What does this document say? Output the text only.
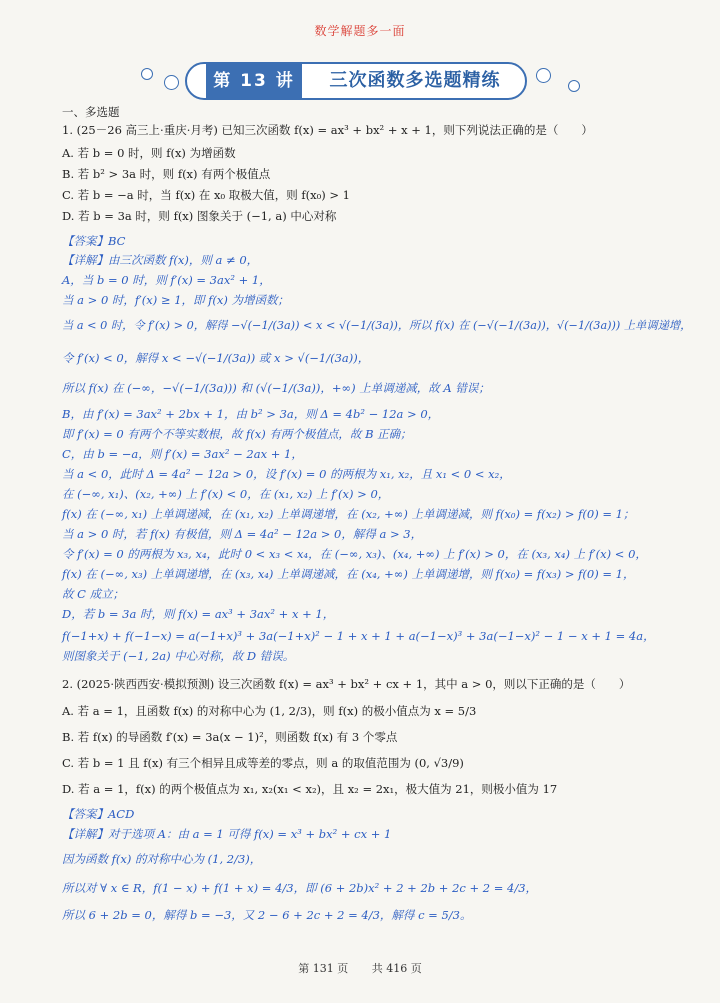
数学解题多一面
第 13 讲	三次函数多选题精练
一、多选题
1. (25－26 高三上·重庆·月考) 已知三次函数 f(x) = ax³ + bx² + x + 1，则下列说法正确的是（　　）
A. 若 b = 0 时，则 f(x) 为增函数
B. 若 b² > 3a 时，则 f(x) 有两个极值点
C. 若 b = −a 时，当 f(x) 在 x₀ 取极大值，则 f(x₀) > 1
D. 若 b = 3a 时，则 f(x) 图象关于 (−1, a) 中心对称
【答案】BC
【详解】由三次函数 f(x)，则 a ≠ 0，
A，当 b = 0 时，则 f′(x) = 3ax² + 1，
当 a > 0 时，f′(x) ≥ 1，即 f(x) 为增函数；
当 a < 0 时，令 f′(x) > 0，解得 −√(−1/(3a)) < x < √(−1/(3a))，所以 f(x) 在 (−√(−1/(3a))，√(−1/(3a))) 上单调递增，
令 f′(x) < 0，解得 x < −√(−1/(3a)) 或 x > √(−1/(3a))，
所以 f(x) 在 (−∞，−√(−1/(3a))) 和 (√(−1/(3a))，+∞) 上单调递减，故 A 错误；
B，由 f′(x) = 3ax² + 2bx + 1，由 b² > 3a，则 Δ = 4b² − 12a > 0，
即 f′(x) = 0 有两个不等实数根，故 f(x) 有两个极值点，故 B 正确；
C，由 b = −a，则 f′(x) = 3ax² − 2ax + 1，
当 a < 0，此时 Δ = 4a² − 12a > 0，设 f′(x) = 0 的两根为 x₁, x₂，且 x₁ < 0 < x₂，
在 (−∞, x₁)、(x₂, +∞) 上 f′(x) < 0，在 (x₁, x₂) 上 f′(x) > 0，
f(x) 在 (−∞, x₁) 上单调递减，在 (x₁, x₂) 上单调递增，在 (x₂, +∞) 上单调递减，则 f(x₀) = f(x₂) > f(0) = 1；
当 a > 0 时，若 f(x) 有极值，则 Δ = 4a² − 12a > 0，解得 a > 3，
令 f′(x) = 0 的两根为 x₃, x₄，此时 0 < x₃ < x₄，在 (−∞, x₃)、(x₄, +∞) 上 f′(x) > 0，在 (x₃, x₄) 上 f′(x) < 0，
f(x) 在 (−∞, x₃) 上单调递增，在 (x₃, x₄) 上单调递减，在 (x₄, +∞) 上单调递增，则 f(x₀) = f(x₃) > f(0) = 1，
故 C 成立；
D，若 b = 3a 时，则 f(x) = ax³ + 3ax² + x + 1，
f(−1+x) + f(−1−x) = a(−1+x)³ + 3a(−1+x)² − 1 + x + 1 + a(−1−x)³ + 3a(−1−x)² − 1 − x + 1 = 4a，
则图象关于 (−1, 2a) 中心对称，故 D 错误。
2. (2025·陕西西安·模拟预测) 设三次函数 f(x) = ax³ + bx² + cx + 1，其中 a > 0，则以下正确的是（　　）
A. 若 a = 1，且函数 f(x) 的对称中心为 (1, 2/3)，则 f(x) 的极小值点为 x = 5/3
B. 若 f(x) 的导函数 f′(x) = 3a(x − 1)²，则函数 f(x) 有 3 个零点
C. 若 b = 1 且 f(x) 有三个相异且成等差的零点，则 a 的取值范围为 (0, √3/9)
D. 若 a = 1，f(x) 的两个极值点为 x₁, x₂(x₁ < x₂)，且 x₂ = 2x₁，极大值为 21，则极小值为 17
【答案】ACD
【详解】对于选项 A：由 a = 1 可得 f(x) = x³ + bx² + cx + 1
因为函数 f(x) 的对称中心为 (1, 2/3)，
所以对 ∀ x ∈ R，f(1 − x) + f(1 + x) = 4/3，即 (6 + 2b)x² + 2 + 2b + 2c + 2 = 4/3，
所以 6 + 2b = 0，解得 b = −3，又 2 − 6 + 2c + 2 = 4/3，解得 c = 5/3。
第 131 页 共 416 页
